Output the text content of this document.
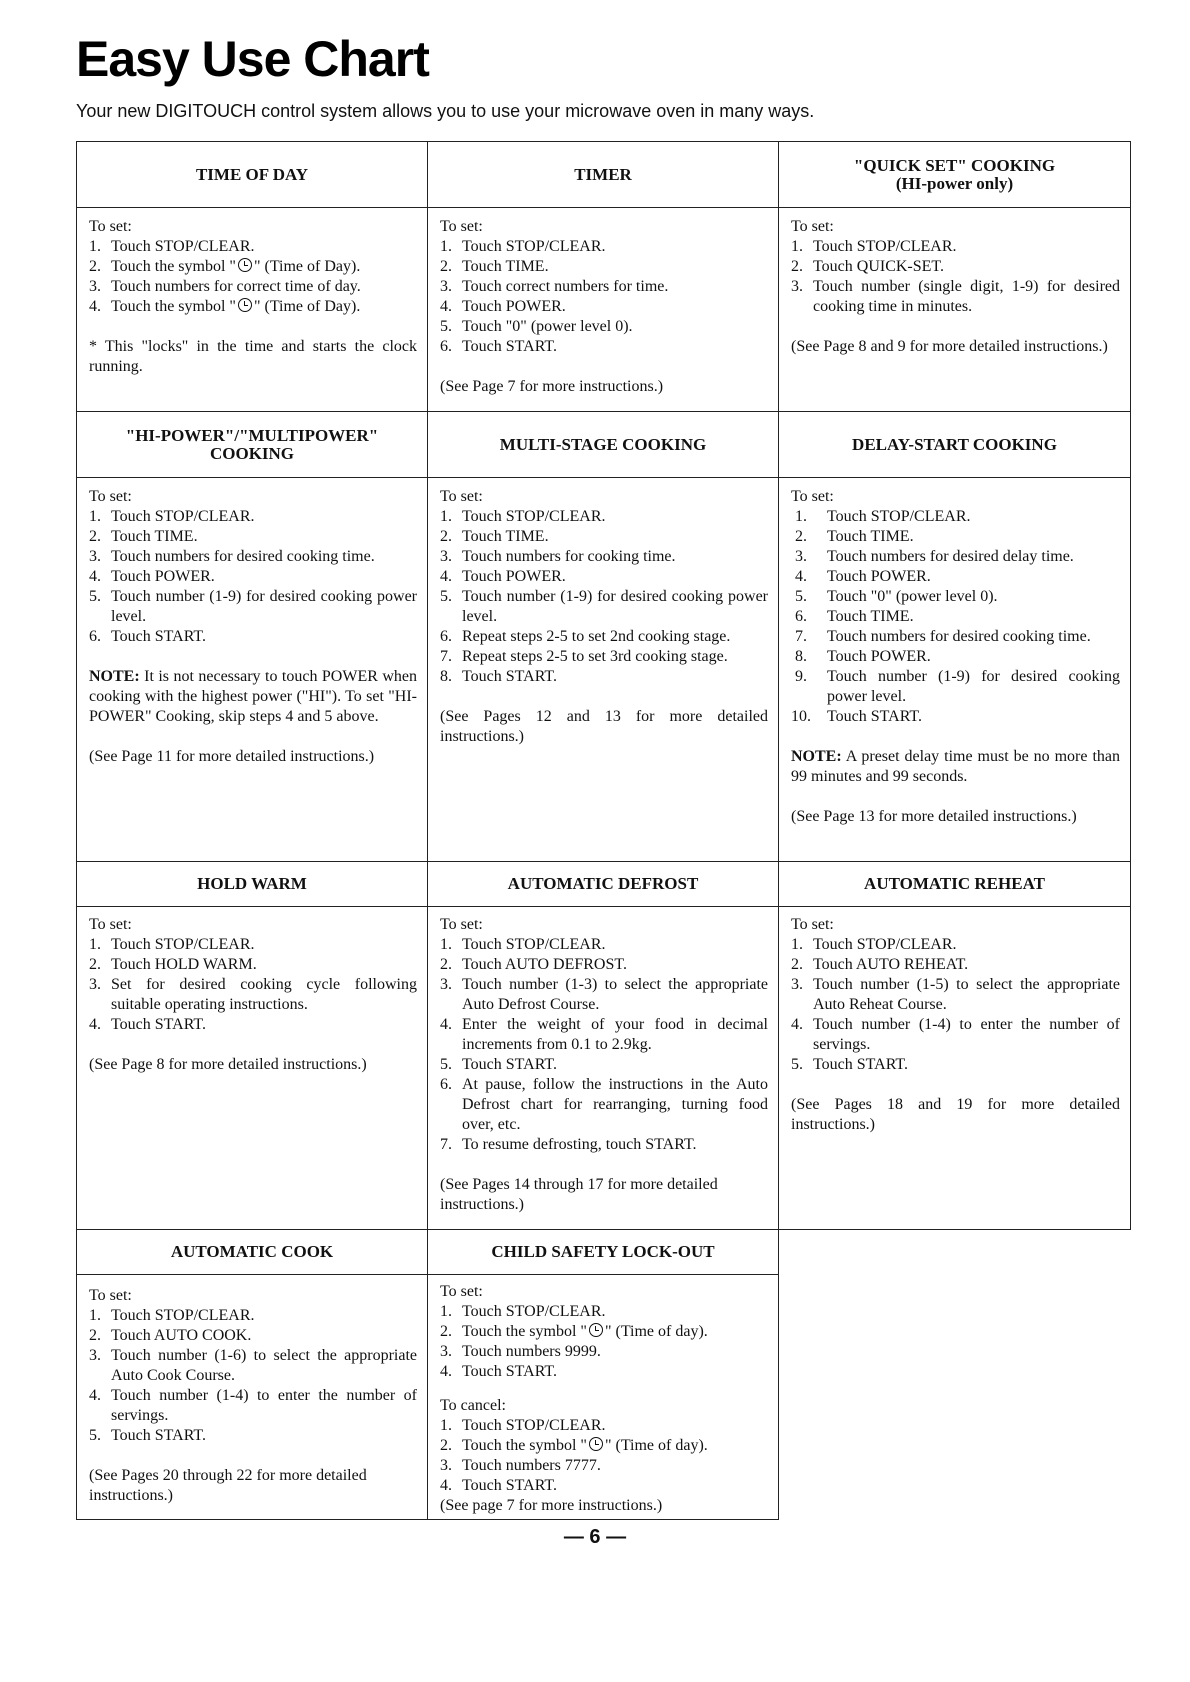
Easy Use Chart

Your new DIGITOUCH control system allows you to use your microwave oven in many ways.

TIME OF DAY

To set:

1. Touch STOP/CLEAR.
2. Touch the symbol " " (Time of Day).
3. Touch numbers for correct time of day.
4. Touch the symbol " " (Time of Day).

* This "locks" in the time and starts the clock running.

TIMER

To set:

1. Touch STOP/CLEAR.
2. Touch TIME.
3. Touch correct numbers for time.
4. Touch POWER.
5. Touch "0" (power level 0).
6. Touch START.

(See Page 7 for more instructions.)

"QUICK SET" COOKING
(HI-power only)

To set:

1. Touch STOP/CLEAR.
2. Touch QUICK-SET.
3. Touch number (single digit, 1-9) for desired cooking time in minutes.

(See Page 8 and 9 for more detailed instructions.)

"HI-POWER"/"MULTIPOWER" COOKING

To set:

1. Touch STOP/CLEAR.
2. Touch TIME.
3. Touch numbers for desired cooking time.
4. Touch POWER.
5. Touch number (1-9) for desired cooking power level.
6. Touch START.

NOTE: It is not necessary to touch POWER when cooking with the highest power ("HI"). To set "HI-POWER" Cooking, skip steps 4 and 5 above.

(See Page 11 for more detailed instructions.)

MULTI-STAGE COOKING

To set:

1. Touch STOP/CLEAR.
2. Touch TIME.
3. Touch numbers for cooking time.
4. Touch POWER.
5. Touch number (1-9) for desired cooking power level.
6. Repeat steps 2-5 to set 2nd cooking stage.
7. Repeat steps 2-5 to set 3rd cooking stage.
8. Touch START.

(See Pages 12 and 13 for more detailed instructions.)

DELAY-START COOKING

To set:

1. Touch STOP/CLEAR.
2. Touch TIME.
3. Touch numbers for desired delay time.
4. Touch POWER.
5. Touch "0" (power level 0).
6. Touch TIME.
7. Touch numbers for desired cooking time.
8. Touch POWER.
9. Touch number (1-9) for desired cooking power level.
10. Touch START.

NOTE: A preset delay time must be no more than 99 minutes and 99 seconds.

(See Page 13 for more detailed instructions.)

HOLD WARM

To set:

1. Touch STOP/CLEAR.
2. Touch HOLD WARM.
3. Set for desired cooking cycle following suitable operating instructions.
4. Touch START.

(See Page 8 for more detailed instructions.)

AUTOMATIC DEFROST

To set:

1. Touch STOP/CLEAR.
2. Touch AUTO DEFROST.
3. Touch number (1-3) to select the appropriate Auto Defrost Course.
4. Enter the weight of your food in decimal increments from 0.1 to 2.9kg.
5. Touch START.
6. At pause, follow the instructions in the Auto Defrost chart for rearranging, turning food over, etc.
7. To resume defrosting, touch START.

(See Pages 14 through 17 for more detailed instructions.)

AUTOMATIC REHEAT

To set:

1. Touch STOP/CLEAR.
2. Touch AUTO REHEAT.
3. Touch number (1-5) to select the appropriate Auto Reheat Course.
4. Touch number (1-4) to enter the number of servings.
5. Touch START.

(See Pages 18 and 19 for more detailed instructions.)

AUTOMATIC COOK

To set:

1. Touch STOP/CLEAR.
2. Touch AUTO COOK.
3. Touch number (1-6) to select the appropriate Auto Cook Course.
4. Touch number (1-4) to enter the number of servings.
5. Touch START.

(See Pages 20 through 22 for more detailed instructions.)

CHILD SAFETY LOCK-OUT

To set:

1. Touch STOP/CLEAR.
2. Touch the symbol " " (Time of day).
3. Touch numbers 9999.
4. Touch START.

To cancel:

1. Touch STOP/CLEAR.
2. Touch the symbol " " (Time of day).
3. Touch numbers 7777.
4. Touch START.

(See page 7 for more instructions.)

— 6 —
